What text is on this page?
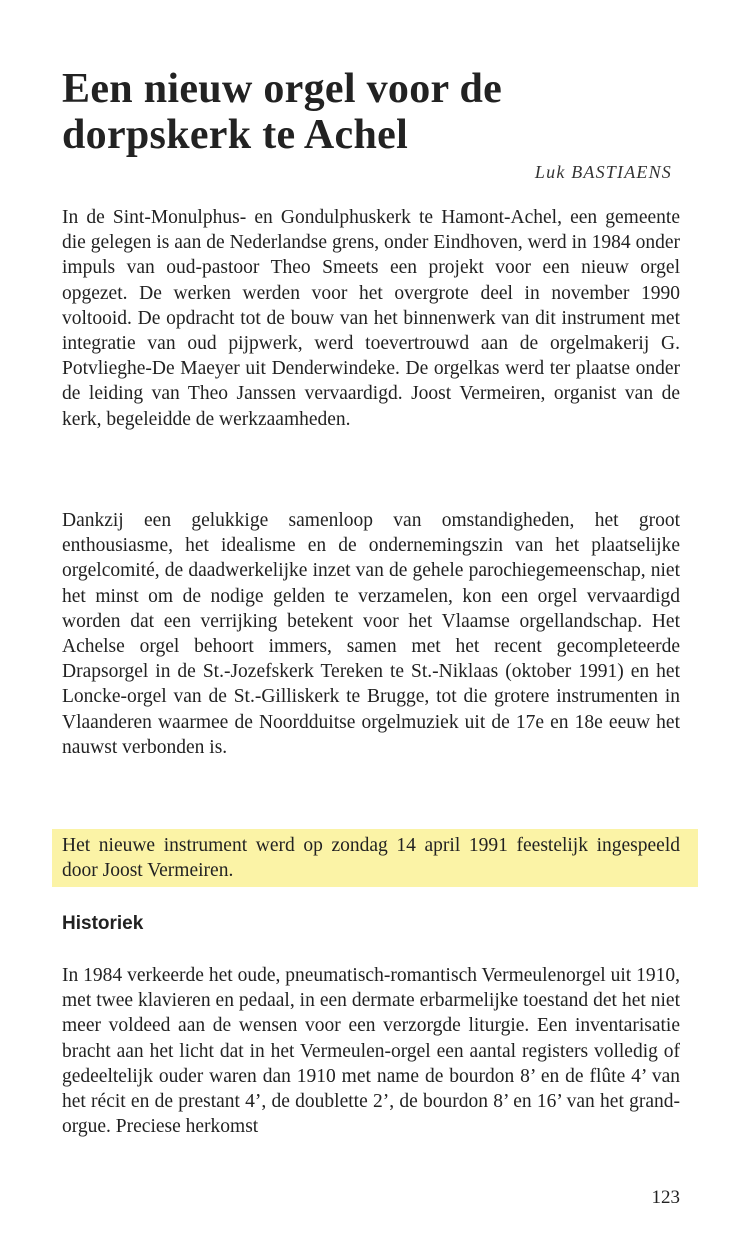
Een nieuw orgel voor de dorpskerk te Achel
Luk BASTIAENS

In de Sint-Monulphus- en Gondulphuskerk te Hamont-Achel, een gemeente die gelegen is aan de Nederlandse grens, onder Eindhoven, werd in 1984 onder impuls van oud-pastoor Theo Smeets een projekt voor een nieuw orgel opgezet. De werken werden voor het overgrote deel in november 1990 voltooid. De opdracht tot de bouw van het binnenwerk van dit instrument met integratie van oud pijpwerk, werd toevertrouwd aan de orgelmakerij G. Potvlieghe-De Maeyer uit Denderwindeke. De orgelkas werd ter plaatse onder de leiding van Theo Janssen vervaardigd. Joost Vermeiren, organist van de kerk, begeleidde de werkzaamheden.

Dankzij een gelukkige samenloop van omstandigheden, het groot enthousiasme, het idealisme en de ondernemingszin van het plaatselijke orgelcomité, de daadwerkelijke inzet van de gehele parochiegemeenschap, niet het minst om de nodige gelden te verzamelen, kon een orgel vervaardigd worden dat een verrijking betekent voor het Vlaamse orgellandschap. Het Achelse orgel behoort immers, samen met het recent gecompleteerde Drapsorgel in de St.-Jozefskerk Tereken te St.-Niklaas (oktober 1991) en het Loncke-orgel van de St.-Gilliskerk te Brugge, tot die grotere instrumenten in Vlaanderen waarmee de Noordduitse orgelmuziek uit de 17e en 18e eeuw het nauwst verbonden is.

Het nieuwe instrument werd op zondag 14 april 1991 feestelijk ingespeeld door Joost Vermeiren.

Historiek

In 1984 verkeerde het oude, pneumatisch-romantisch Vermeulenorgel uit 1910, met twee klavieren en pedaal, in een dermate erbarmelijke toestand det het niet meer voldeed aan de wensen voor een verzorgde liturgie. Een inventarisatie bracht aan het licht dat in het Vermeulen-orgel een aantal registers volledig of gedeeltelijk ouder waren dan 1910 met name de bourdon 8’ en de flûte 4’ van het récit en de prestant 4’, de doublette 2’, de bourdon 8’ en 16’ van het grand-orgue. Preciese herkomst

123
